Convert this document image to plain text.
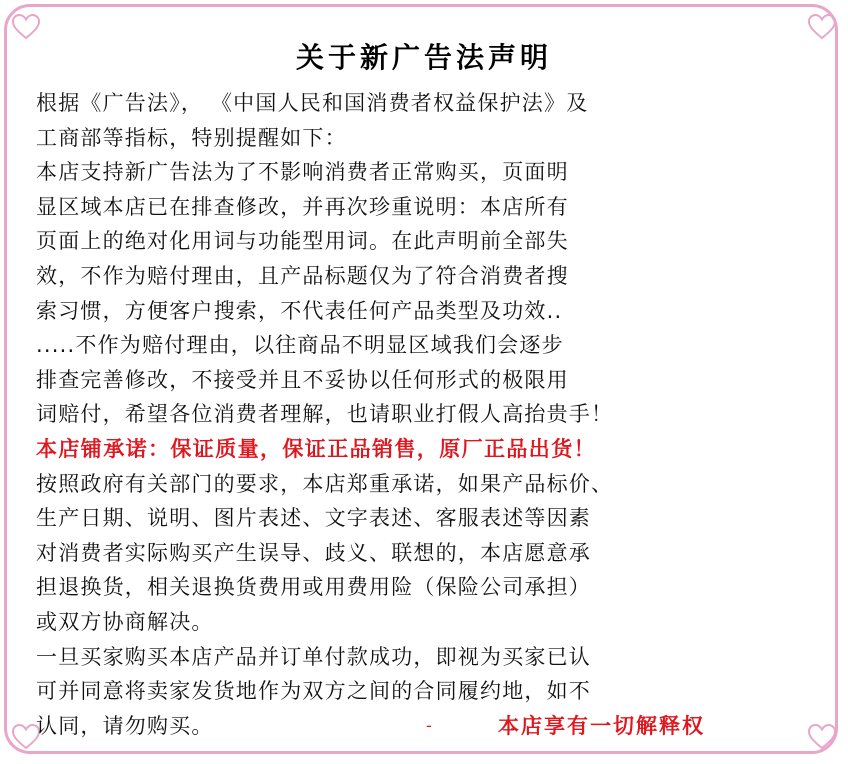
关于新广告法声明
根据《广告法》， 《中国人民和国消费者权益保护法》及
工商部等指标，特别提醒如下：
本店支持新广告法为了不影响消费者正常购买，页面明
显区域本店已在排查修改，并再次珍重说明：本店所有
页面上的绝对化用词与功能型用词。在此声明前全部失
效，不作为赔付理由，且产品标题仅为了符合消费者搜
索习惯，方便客户搜索，不代表任何产品类型及功效..
.....不作为赔付理由，以往商品不明显区域我们会逐步
排查完善修改，不接受并且不妥协以任何形式的极限用
词赔付，希望各位消费者理解，也请职业打假人高抬贵手！
本店铺承诺：保证质量，保证正品销售，原厂正品出货！
按照政府有关部门的要求，本店郑重承诺，如果产品标价、
生产日期、说明、图片表述、文字表述、客服表述等因素
对消费者实际购买产生误导、歧义、联想的，本店愿意承
担退换货，相关退换货费用或用费用险（保险公司承担）
或双方协商解决。
一旦买家购买本店产品并订单付款成功，即视为买家已认
可并同意将卖家发货地作为双方之间的合同履约地，如不
认同，请勿购买。	-	本店享有一切解释权
